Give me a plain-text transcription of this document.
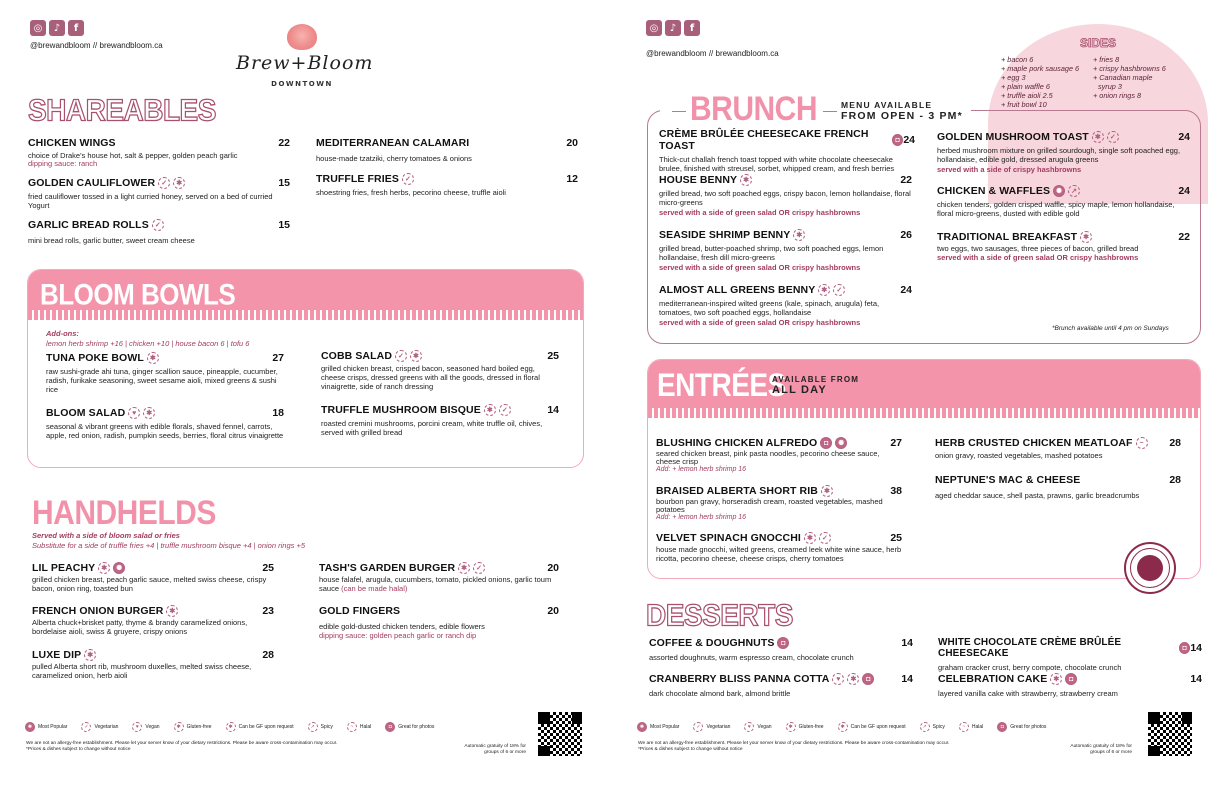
◎	♪	f
@brewandbloom // brewandbloom.ca
Brew+Bloom
DOWNTOWN
SHAREABLES
CHICKEN WINGS	22
choice of Drake's house hot, salt & pepper, golden peach garlic
dipping sauce: ranch
GOLDEN CAULIFLOWER ✓	✱	15
fried cauliflower tossed in a light curried honey, served on a bed of curried Yogurt
GARLIC BREAD ROLLS ✓	15
mini bread rolls, garlic butter, sweet cream cheese
MEDITERRANEAN CALAMARI	20
house-made tzatziki, cherry tomatoes & onions
TRUFFLE FRIES ✓	12
shoestring fries, fresh herbs, pecorino cheese, truffle aioli
BLOOM BOWLS
Add-ons:
lemon herb shrimp +16 | chicken +10 | house bacon 6 | tofu 6
TUNA POKE BOWL ✱	27
raw sushi-grade ahi tuna, ginger scallion sauce, pineapple, cucumber, radish, furikake seasoning, sweet sesame aioli, mixed greens & sushi rice
BLOOM SALAD ♥	✱	18
seasonal & vibrant greens with edible florals, shaved fennel, carrots, apple, red onion, radish, pumpkin seeds, berries, floral citrus vinaigrette
COBB SALAD ✓	✱	25
grilled chicken breast, crisped bacon, seasoned hard boiled egg, cheese crisps, dressed greens with all the goods, dressed in floral vinaigrette, side of ranch dressing
TRUFFLE MUSHROOM BISQUE ✱	✓	14
roasted cremini mushrooms, porcini cream, white truffle oil, chives, served with grilled bread
HANDHELDS
Served with a side of bloom salad or fries
Substitute for a side of truffle fries +4 | truffle mushroom bisque +4 | onion rings +5
LIL PEACHY ✱	✺	25
grilled chicken breast, peach garlic sauce, melted swiss cheese, crispy bacon, onion ring, toasted bun
FRENCH ONION BURGER ✱	23
Alberta chuck+brisket patty, thyme & brandy caramelized onions, bordelaise aioli, swiss & gruyere, crispy onions
LUXE DIP ✱	28
pulled Alberta short rib, mushroom duxelles, melted swiss cheese, caramelized onion, herb aioli
TASH'S GARDEN BURGER ✱	✓	20
house falafel, arugula, cucumbers, tomato, pickled onions, garlic toum sauce (can be made halal)
GOLD FINGERS	20
edible gold-dusted chicken tenders, edible flowers
dipping sauce: golden peach garlic or ranch dip
✺	Most Popular	✓	Vegetarian	♥	Vegan	✱	Gluten-free	✱	Can be GF upon request	↗	Spicy	~	Halal	◘	Great for photos
We are not an allergy-free establishment. Please let your server know of your dietary restrictions. Please be aware cross-contamination may occur.
*Prices & dishes subject to change without notice
Automatic gratuity of 18% for
groups of 6 or more
◎	♪	f
@brewandbloom // brewandbloom.ca
SIDES
+ bacon 6
+ maple pork sausage 6
+ egg 3
+ plain waffle 6
+ truffle aioli 2.5
+ fruit bowl 10
+ fries 8
+ crispy hashbrowns 6
+ Canadian maple
syrup 3
+ onion rings 8
BRUNCH	MENU AVAILABLE
FROM OPEN - 3 PM*
CRÈME BRÛLÉE CHEESECAKE FRENCH TOAST	◘ 24
Thick-cut challah french toast topped with white chocolate cheesecake brulee, finished with streusel, sorbet, whipped cream, and fresh berries
HOUSE BENNY ✱	22
grilled bread, two soft poached eggs, crispy bacon, lemon hollandaise, floral micro-greens
served with a side of green salad OR crispy hashbrowns
SEASIDE SHRIMP BENNY ✱	26
grilled bread, butter-poached shrimp, two soft poached eggs, lemon hollandaise, fresh dill micro-greens
served with a side of green salad OR crispy hashbrowns
ALMOST ALL GREENS BENNY ✱	✓	24
mediterranean-inspired wilted greens (kale, spinach, arugula) feta, tomatoes, two soft poached eggs, hollandaise
served with a side of green salad OR crispy hashbrowns
GOLDEN MUSHROOM TOAST ✱	✓	24
herbed mushroom mixture on grilled sourdough, single soft poached egg, hollandaise, edible gold, dressed arugula greens
served with a side of crispy hashbrowns
CHICKEN & WAFFLES ✺	↗	24
chicken tenders, golden crisped waffle, spicy maple, lemon hollandaise, floral micro-greens, dusted with edible gold
TRADITIONAL BREAKFAST ✱	22
two eggs, two sausages, three pieces of bacon, grilled bread
served with a side of green salad OR crispy hashbrowns
*Brunch available until 4 pm on Sundays
ENTRÉES
AVAILABLE FROM
ALL DAY
BLUSHING CHICKEN ALFREDO ◘	✺	27
seared chicken breast, pink pasta noodles, pecorino cheese sauce, cheese crisp
Add: + lemon herb shrimp 16
BRAISED ALBERTA SHORT RIB ✱	38
bourbon pan gravy, horseradish cream, roasted vegetables, mashed potatoes
Add: + lemon herb shrimp 16
VELVET SPINACH GNOCCHI ✱	✓	25
house made gnocchi, wilted greens, creamed leek white wine sauce, herb ricotta, pecorino cheese, cheese crisps, cherry tomatoes
HERB CRUSTED CHICKEN MEATLOAF ~	28
onion gravy, roasted vegetables, mashed potatoes
NEPTUNE'S MAC & CHEESE	28
aged cheddar sauce, shell pasta, prawns, garlic breadcrumbs
DESSERTS
COFFEE & DOUGHNUTS ◘	14
assorted doughnuts, warm espresso cream, chocolate crunch
CRANBERRY BLISS PANNA COTTA ♥	✱	◘	14
dark chocolate almond bark, almond brittle
WHITE CHOCOLATE CRÈME BRÛLÉE CHEESECAKE	◘ 14
graham cracker crust, berry compote, chocolate crunch
CELEBRATION CAKE ✱	◘	14
layered vanilla cake with strawberry, strawberry cream
✺	Most Popular	✓	Vegetarian	♥	Vegan	✱	Gluten-free	✱	Can be GF upon request	↗	Spicy	~	Halal	◘	Great for photos
We are not an allergy-free establishment. Please let your server know of your dietary restrictions. Please be aware cross-contamination may occur.
*Prices & dishes subject to change without notice
Automatic gratuity of 18% for
groups of 6 or more
